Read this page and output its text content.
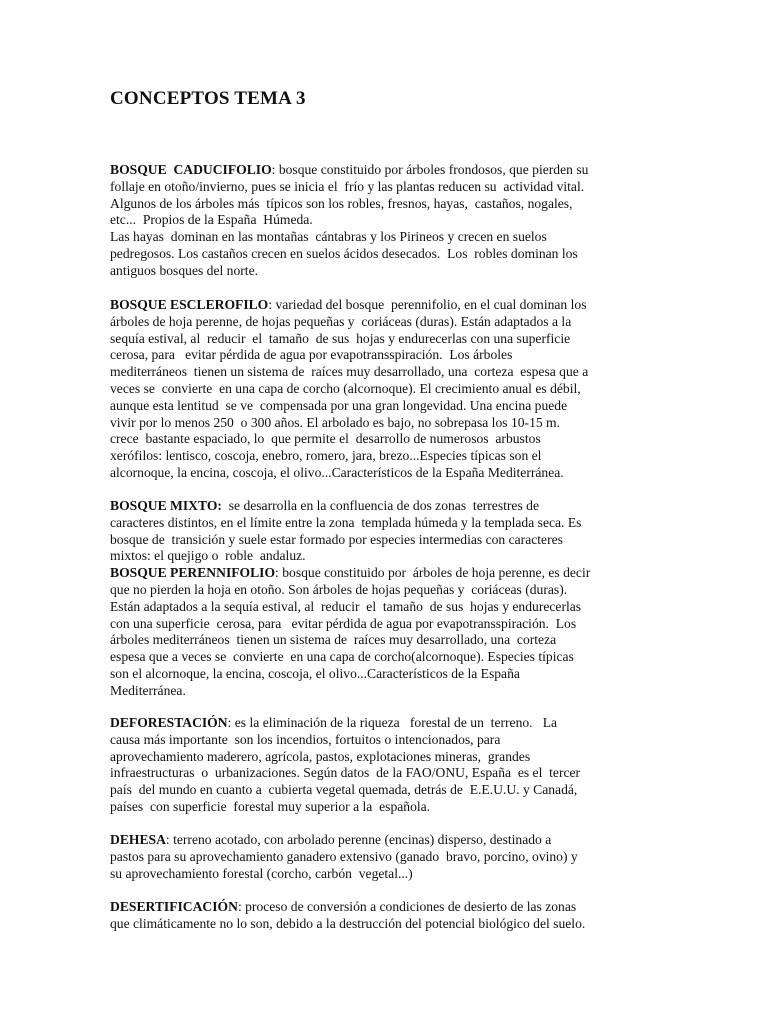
CONCEPTOS TEMA 3
BOSQUE  CADUCIFOLIO: bosque constituido por árboles frondosos, que pierden su
follaje en otoño/invierno, pues se inicia el  frío y las plantas reducen su  actividad vital.
Algunos de los árboles más  típicos son los robles, fresnos, hayas,  castaños, nogales,
etc...  Propios de la España  Húmeda.
Las hayas  dominan en las montañas  cántabras y los Pirineos y crecen en suelos
pedregosos. Los castaños crecen en suelos ácidos desecados.  Los  robles dominan los
antiguos bosques del norte.
BOSQUE ESCLEROFILO: variedad del bosque  perennifolio, en el cual dominan los
árboles de hoja perenne, de hojas pequeñas y  coriáceas (duras). Están adaptados a la
sequía estival, al  reducir  el  tamaño  de sus  hojas y endurecerlas con una superficie
cerosa, para   evitar pérdida de agua por evapotransspiración.  Los árboles
mediterráneos  tienen un sistema de  raíces muy desarrollado, una  corteza  espesa que a
veces se  convierte  en una capa de corcho (alcornoque). El crecimiento anual es débil,
aunque esta lentitud  se ve  compensada por una gran longevidad. Una encina puede
vivir por lo menos 250  o 300 años. El arbolado es bajo, no sobrepasa los 10-15 m.
crece  bastante espaciado, lo  que permite el  desarrollo de numerosos  arbustos
xerófilos: lentisco, coscoja, enebro, romero, jara, brezo...Especies típicas son el
alcornoque, la encina, coscoja, el olivo...Característicos de la España Mediterránea.
BOSQUE MIXTO:  se desarrolla en la confluencia de dos zonas  terrestres de
caracteres distintos, en el límite entre la zona  templada húmeda y la templada seca. Es
bosque de  transición y suele estar formado por especies intermedias con caracteres
mixtos: el quejigo o  roble  andaluz.
BOSQUE PERENNIFOLIO: bosque constituido por  árboles de hoja perenne, es decir
que no pierden la hoja en otoño. Son árboles de hojas pequeñas y  coriáceas (duras).
Están adaptados a la sequía estival, al  reducir  el  tamaño  de sus  hojas y endurecerlas
con una superficie  cerosa, para   evitar pérdida de agua por evapotransspiración.  Los
árboles mediterráneos  tienen un sistema de  raíces muy desarrollado, una  corteza
espesa que a veces se  convierte  en una capa de corcho(alcornoque). Especies típicas
son el alcornoque, la encina, coscoja, el olivo...Característicos de la España
Mediterránea.
DEFORESTACIÓN: es la eliminación de la riqueza   forestal de un  terreno.   La
causa más importante  son los incendios, fortuitos o intencionados, para
aprovechamiento maderero, agrícola, pastos, explotaciones mineras,  grandes
infraestructuras  o  urbanizaciones. Según datos  de la FAO/ONU, España  es el  tercer
país  del mundo en cuanto a  cubierta vegetal quemada, detrás de  E.E.U.U. y Canadá,
países  con superficie  forestal muy superior a la  española.
DEHESA: terreno acotado, con arbolado perenne (encinas) disperso, destinado a
pastos para su aprovechamiento ganadero extensivo (ganado  bravo, porcino, ovino) y
su aprovechamiento forestal (corcho, carbón  vegetal...)
DESERTIFICACIÓN: proceso de conversión a condiciones de desierto de las zonas
que climáticamente no lo son, debido a la destrucción del potencial biológico del suelo.
